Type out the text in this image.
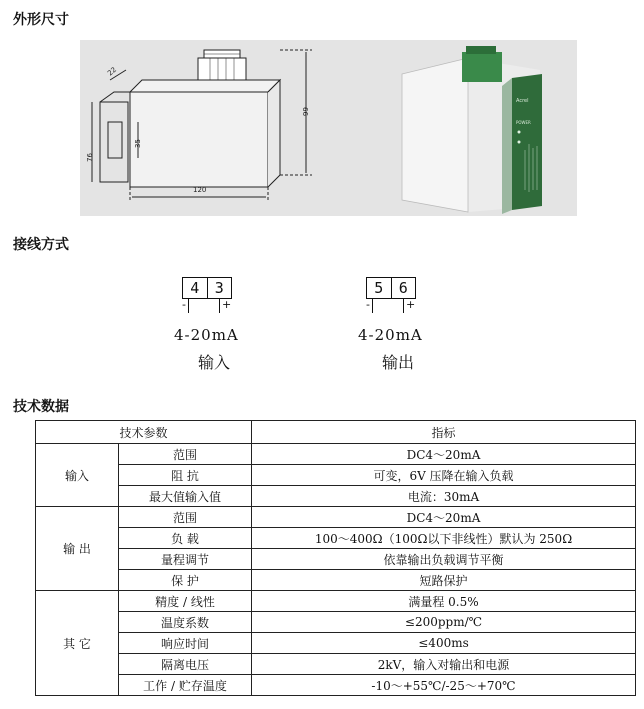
外形尺寸
120
99
76
35
22
Acrel
POWER
接线方式
4	3
-	+
4-20mA
输入
5	6
-	+
4-20mA
输出
技术数据
技术参数		指标
输入	范围	DC4～20mA
	阻 抗	可变，6V 压降在输入负载
	最大值输入值	电流：30mA
输 出	范围	DC4～20mA
	负 载	100～400Ω（100Ω以下非线性）默认为 250Ω
	量程调节	依靠输出负载调节平衡
	保 护	短路保护
其 它	精度 / 线性	满量程 0.5%
	温度系数	≤200ppm/℃
	响应时间	≤400ms
	隔离电压	2kV，输入对输出和电源
	工作 / 贮存温度	-10～+55℃/-25～+70℃
